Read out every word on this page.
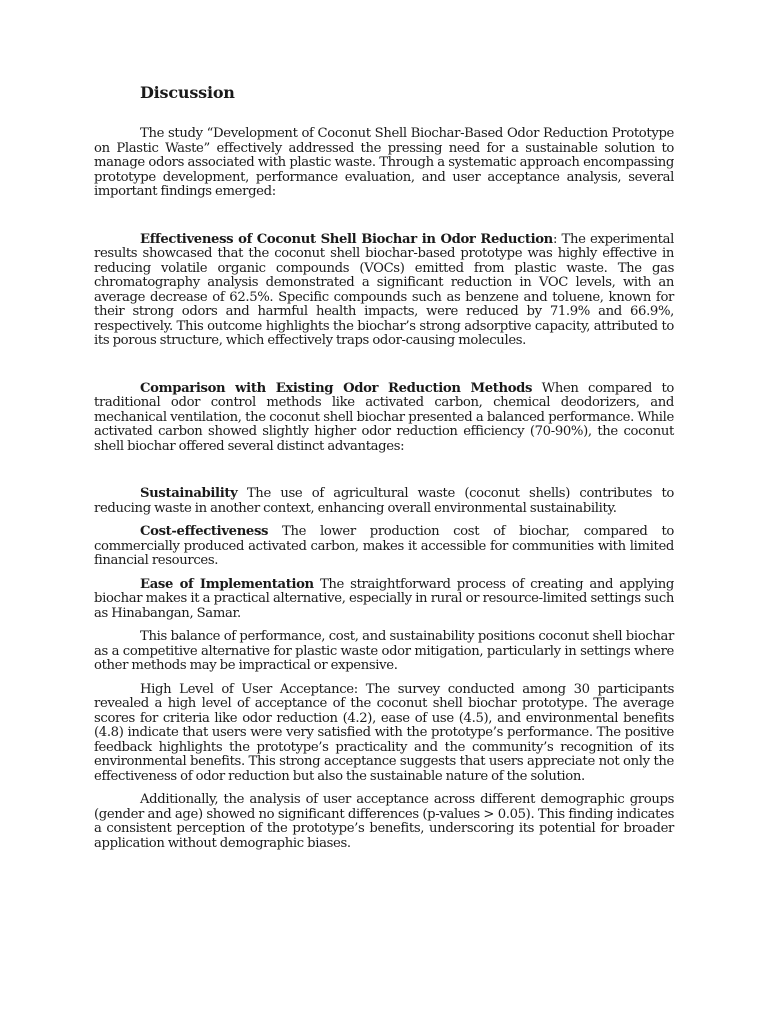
Discussion

The study “Development of Coconut Shell Biochar-Based Odor Reduction Prototype on Plastic Waste” effectively addressed the pressing need for a sustainable solution to manage odors associated with plastic waste. Through a systematic approach encompassing prototype development, performance evaluation, and user acceptance analysis, several important findings emerged:

Effectiveness of Coconut Shell Biochar in Odor Reduction: The experimental results showcased that the coconut shell biochar-based prototype was highly effective in reducing volatile organic compounds (VOCs) emitted from plastic waste. The gas chromatography analysis demonstrated a significant reduction in VOC levels, with an average decrease of 62.5%. Specific compounds such as benzene and toluene, known for their strong odors and harmful health impacts, were reduced by 71.9% and 66.9%, respectively. This outcome highlights the biochar’s strong adsorptive capacity, attributed to its porous structure, which effectively traps odor-causing molecules.

Comparison with Existing Odor Reduction Methods When compared to traditional odor control methods like activated carbon, chemical deodorizers, and mechanical ventilation, the coconut shell biochar presented a balanced performance. While activated carbon showed slightly higher odor reduction efficiency (70-90%), the coconut shell biochar offered several distinct advantages:

Sustainability The use of agricultural waste (coconut shells) contributes to reducing waste in another context, enhancing overall environmental sustainability.

Cost-effectiveness The lower production cost of biochar, compared to commercially produced activated carbon, makes it accessible for communities with limited financial resources.

Ease of Implementation The straightforward process of creating and applying biochar makes it a practical alternative, especially in rural or resource-limited settings such as Hinabangan, Samar.

This balance of performance, cost, and sustainability positions coconut shell biochar as a competitive alternative for plastic waste odor mitigation, particularly in settings where other methods may be impractical or expensive.

High Level of User Acceptance: The survey conducted among 30 participants revealed a high level of acceptance of the coconut shell biochar prototype. The average scores for criteria like odor reduction (4.2), ease of use (4.5), and environmental benefits (4.8) indicate that users were very satisfied with the prototype’s performance. The positive feedback highlights the prototype’s practicality and the community’s recognition of its environmental benefits. This strong acceptance suggests that users appreciate not only the effectiveness of odor reduction but also the sustainable nature of the solution.

Additionally, the analysis of user acceptance across different demographic groups (gender and age) showed no significant differences (p-values > 0.05). This finding indicates a consistent perception of the prototype’s benefits, underscoring its potential for broader application without demographic biases.
